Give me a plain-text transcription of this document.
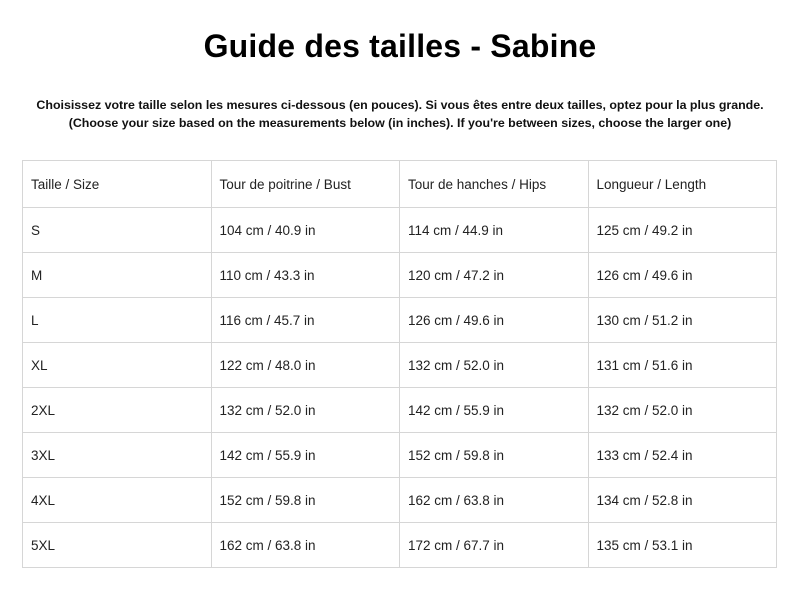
Guide des tailles - Sabine

Choisissez votre taille selon les mesures ci-dessous (en pouces). Si vous êtes entre deux tailles, optez pour la plus grande.

(Choose your size based on the measurements below (in inches). If you're between sizes, choose the larger one)

Taille / Size	Tour de poitrine / Bust	Tour de hanches / Hips	Longueur / Length
S	104 cm / 40.9 in	114 cm / 44.9 in	125 cm / 49.2 in
M	110 cm / 43.3 in	120 cm / 47.2 in	126 cm / 49.6 in
L	116 cm / 45.7 in	126 cm / 49.6 in	130 cm / 51.2 in
XL	122 cm / 48.0 in	132 cm / 52.0 in	131 cm / 51.6 in
2XL	132 cm / 52.0 in	142 cm / 55.9 in	132 cm / 52.0 in
3XL	142 cm / 55.9 in	152 cm / 59.8 in	133 cm / 52.4 in
4XL	152 cm / 59.8 in	162 cm / 63.8 in	134 cm / 52.8 in
5XL	162 cm / 63.8 in	172 cm / 67.7 in	135 cm / 53.1 in
